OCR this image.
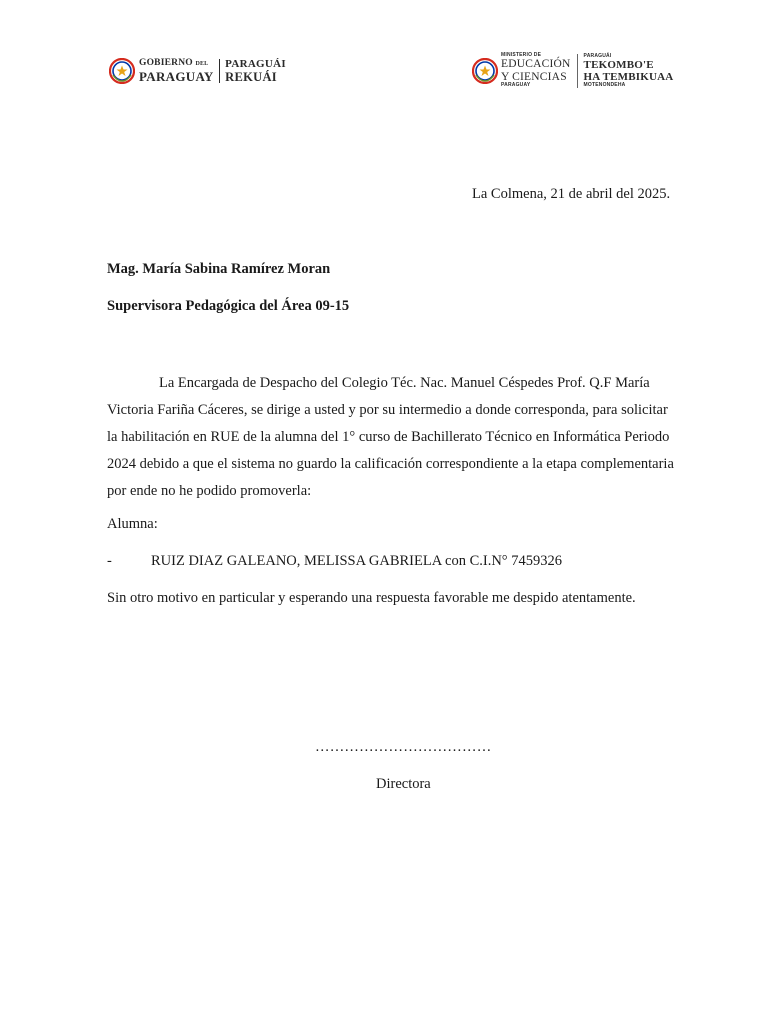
GOBIERNO DEL
PARAGUAY
PARAGUÁI
REKUÁI
MINISTERIO DE
EDUCACIÓN
Y CIENCIAS
PARAGUAY
PARAGUÁI
TEKOMBO'E
HA TEMBIKUAA
MOTENONDEHA

La Colmena, 21 de abril del 2025.

Mag. María Sabina Ramírez Moran

Supervisora Pedagógica del Área 09-15

La Encargada de Despacho del Colegio Téc. Nac. Manuel Céspedes Prof. Q.F María
Victoria Fariña Cáceres, se dirige a usted y por su intermedio a donde corresponda, para solicitar
la habilitación en RUE de la alumna del 1° curso de Bachillerato Técnico en Informática Periodo
2024 debido a que el sistema no guardo la calificación correspondiente a la etapa complementaria
por ende no he podido promoverla:

Alumna:

-	RUIZ DIAZ GALEANO, MELISSA GABRIELA con C.I.N° 7459326

Sin otro motivo en particular y esperando una respuesta favorable me despido atentamente.

………………………………

Directora
